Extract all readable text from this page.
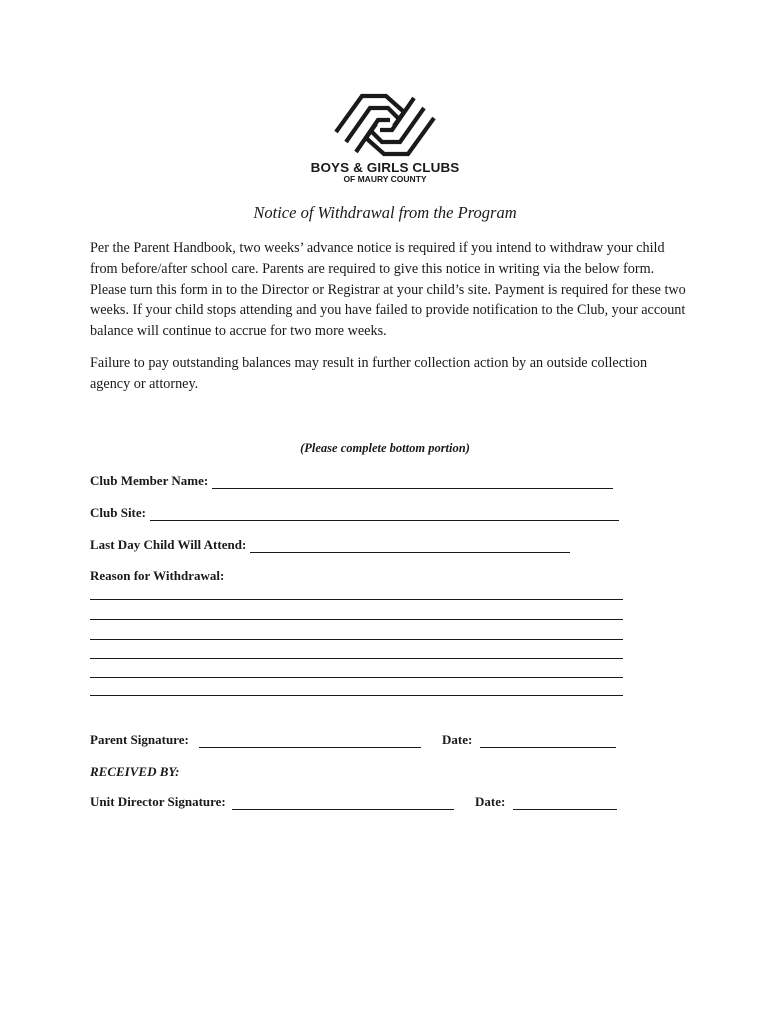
BOYS & GIRLS CLUBS
OF MAURY COUNTY
Notice of Withdrawal from the Program
Per the Parent Handbook, two weeks’ advance notice is required if you intend to withdraw your child from before/after school care. Parents are required to give this notice in writing via the below form. Please turn this form in to the Director or Registrar at your child’s site. Payment is required for these two weeks. If your child stops attending and you have failed to provide notification to the Club, your account balance will continue to accrue for two more weeks.
Failure to pay outstanding balances may result in further collection action by an outside collection agency or attorney.
(Please complete bottom portion)
Club Member Name:
Club Site:
Last Day Child Will Attend:
Reason for Withdrawal:
Parent Signature:	Date:
RECEIVED BY:
Unit Director Signature:	Date:
